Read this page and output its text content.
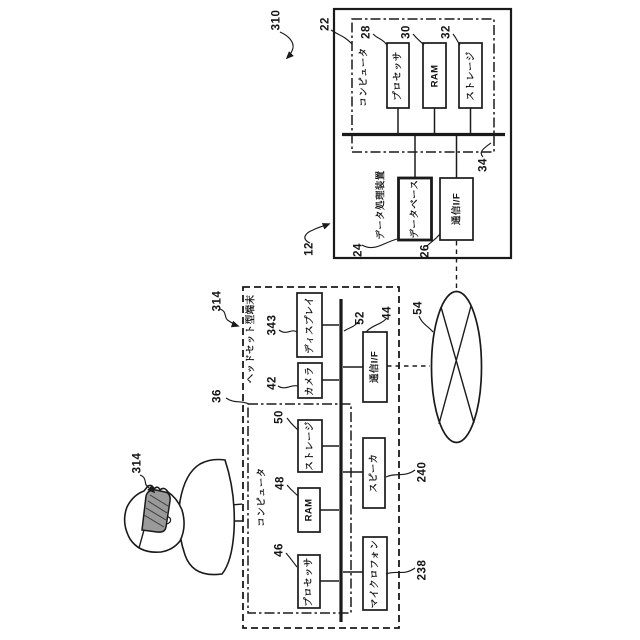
310	22
28 30 32
34
12	24	26
314
343
42
52 44
36
50
48
46
240
238
54
314
コンピュータ プロセッサ	RAM	ストレージ
データ処理装置 データベース	通信I/F
ヘッドセット型端末	ディスプレイ
カメラ	通信I/F
コンピュータ
ストレージ
RAM
プロセッサ
スピーカ
マイクロフォン
